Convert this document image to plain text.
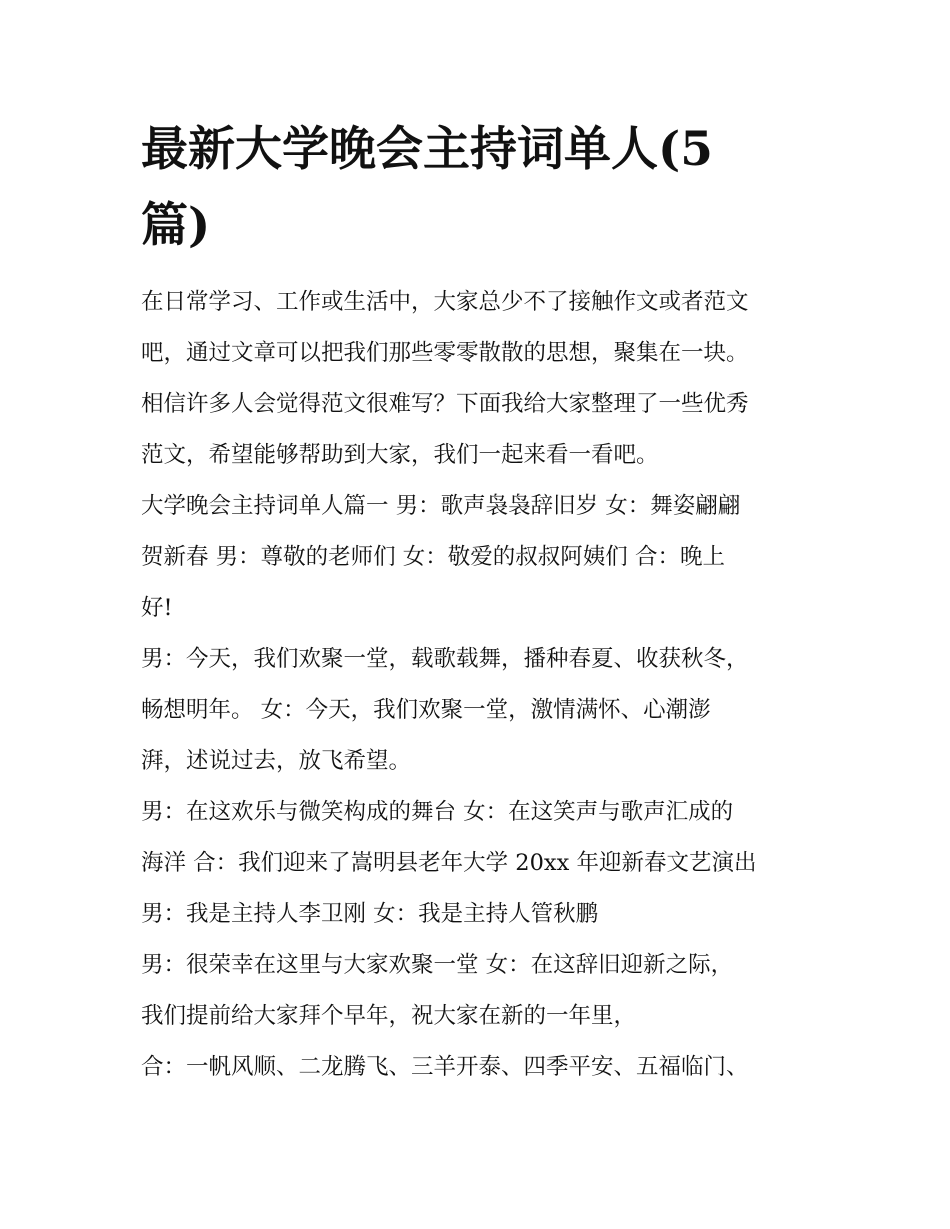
最新大学晚会主持词单人(5
篇)
在日常学习、工作或生活中，大家总少不了接触作文或者范文
吧，通过文章可以把我们那些零零散散的思想，聚集在一块。
相信许多人会觉得范文很难写？下面我给大家整理了一些优秀
范文，希望能够帮助到大家，我们一起来看一看吧。
大学晚会主持词单人篇一 男：歌声袅袅辞旧岁 女：舞姿翩翩
贺新春 男：尊敬的老师们 女：敬爱的叔叔阿姨们 合：晚上
好!
男：今天，我们欢聚一堂，载歌载舞，播种春夏、收获秋冬，
畅想明年。 女：今天，我们欢聚一堂，激情满怀、心潮澎
湃，述说过去，放飞希望。
男：在这欢乐与微笑构成的舞台 女：在这笑声与歌声汇成的
海洋 合：我们迎来了嵩明县老年大学 20xx 年迎新春文艺演出
男：我是主持人李卫刚 女：我是主持人管秋鹏
男：很荣幸在这里与大家欢聚一堂 女：在这辞旧迎新之际，
我们提前给大家拜个早年，祝大家在新的一年里，
合：一帆风顺、二龙腾飞、三羊开泰、四季平安、五福临门、
